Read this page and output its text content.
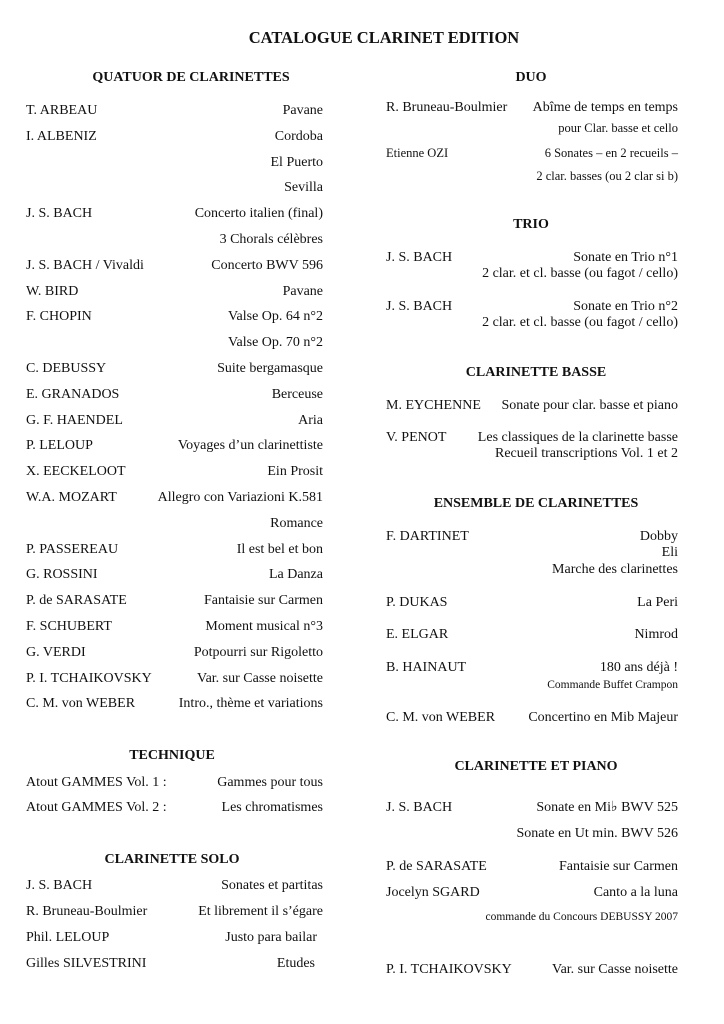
CATALOGUE CLARINET EDITION
QUATUOR DE CLARINETTES
T. ARBEAU	Pavane
I. ALBENIZ	Cordoba
El Puerto
Sevilla
J. S. BACH	Concerto italien (final)
3 Chorals célèbres
J. S. BACH / Vivaldi	Concerto BWV 596
W. BIRD	Pavane
F. CHOPIN	Valse Op. 64 n°2
Valse Op. 70 n°2
C. DEBUSSY	Suite bergamasque
E. GRANADOS	Berceuse
G. F. HAENDEL	Aria
P. LELOUP	Voyages d’un clarinettiste
X. EECKELOOT	Ein Prosit
W.A. MOZART	Allegro con Variazioni K.581
Romance
P. PASSEREAU	Il est bel et bon
G. ROSSINI	La Danza
P. de SARASATE	Fantaisie sur Carmen
F. SCHUBERT	Moment musical n°3
G. VERDI	Potpourri sur Rigoletto
P. I. TCHAIKOVSKY	Var. sur Casse noisette
C. M. von WEBER	Intro., thème et variations
TECHNIQUE
Atout GAMMES Vol. 1 :	Gammes pour tous
Atout GAMMES Vol. 2 :	Les chromatismes
CLARINETTE SOLO
J. S. BACH	Sonates et partitas
R. Bruneau-Boulmier	Et librement il s’égare
Phil. LELOUP	Justo para bailar
Gilles SILVESTRINI	Etudes
DUO
R. Bruneau-Boulmier Abîme de temps en temps
pour Clar. basse et cello
Etienne OZI	6 Sonates – en 2 recueils –
2 clar. basses (ou 2 clar si b)
TRIO
J. S. BACH	Sonate en Trio n°1
2 clar. et cl. basse (ou fagot / cello)
J. S. BACH	Sonate en Trio n°2
2 clar. et cl. basse (ou fagot / cello)
CLARINETTE BASSE
M. EYCHENNE Sonate pour clar. basse et piano
V. PENOT Les classiques de la clarinette basse
Recueil transcriptions Vol. 1 et 2
ENSEMBLE DE CLARINETTES
F. DARTINET	Dobby
Eli
Marche des clarinettes
P. DUKAS	La Peri
E. ELGAR	Nimrod
B. HAINAUT	180 ans déjà !
Commande Buffet Crampon
C. M. von WEBER Concertino en Mib Majeur
CLARINETTE ET PIANO
J. S. BACH	Sonate en Mi♭ BWV 525
Sonate en Ut min. BWV 526
P. de SARASATE	Fantaisie sur Carmen
Jocelyn SGARD	Canto a la luna
commande du Concours DEBUSSY 2007
P. I. TCHAIKOVSKY	Var. sur Casse noisette
